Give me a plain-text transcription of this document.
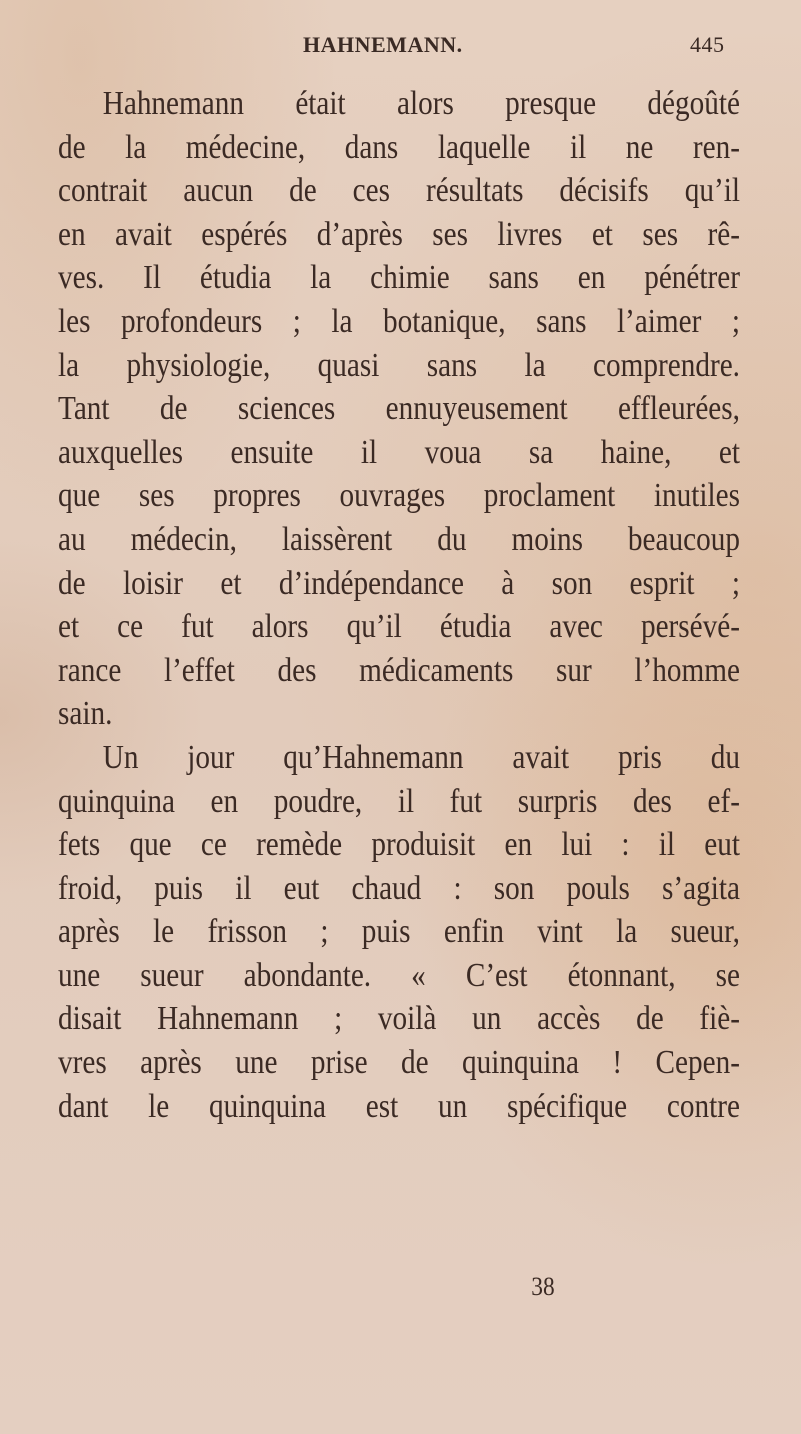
HAHNEMANN.	445
Hahnemann était alors presque dégoûté
de la médecine, dans laquelle il ne ren-
contrait aucun de ces résultats décisifs qu’il
en avait espérés d’après ses livres et ses rê-
ves. Il étudia la chimie sans en pénétrer
les profondeurs ; la botanique, sans l’aimer ;
la physiologie, quasi sans la comprendre.
Tant de sciences ennuyeusement effleurées,
auxquelles ensuite il voua sa haine, et
que ses propres ouvrages proclament inutiles
au médecin, laissèrent du moins beaucoup
de loisir et d’indépendance à son esprit ;
et ce fut alors qu’il étudia avec persévé-
rance l’effet des médicaments sur l’homme
sain.
Un jour qu’Hahnemann avait pris du
quinquina en poudre, il fut surpris des ef-
fets que ce remède produisit en lui : il eut
froid, puis il eut chaud : son pouls s’agita
après le frisson ; puis enfin vint la sueur,
une sueur abondante. « C’est étonnant, se
disait Hahnemann ; voilà un accès de fiè-
vres après une prise de quinquina ! Cepen-
dant le quinquina est un spécifique contre
38
